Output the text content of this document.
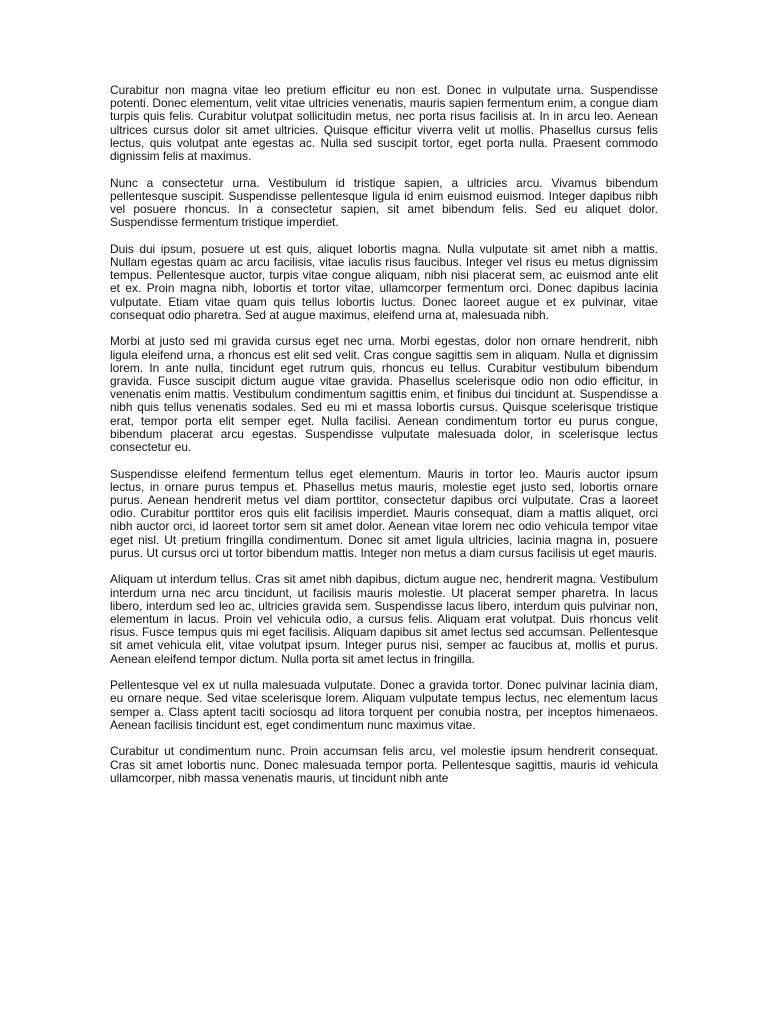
Curabitur non magna vitae leo pretium efficitur eu non est. Donec in vulputate urna. Suspendisse potenti. Donec elementum, velit vitae ultricies venenatis, mauris sapien fermentum enim, a congue diam turpis quis felis. Curabitur volutpat sollicitudin metus, nec porta risus facilisis at. In in arcu leo. Aenean ultrices cursus dolor sit amet ultricies. Quisque efficitur viverra velit ut mollis. Phasellus cursus felis lectus, quis volutpat ante egestas ac. Nulla sed suscipit tortor, eget porta nulla. Praesent commodo dignissim felis at maximus.

Nunc a consectetur urna. Vestibulum id tristique sapien, a ultricies arcu. Vivamus bibendum pellentesque suscipit. Suspendisse pellentesque ligula id enim euismod euismod. Integer dapibus nibh vel posuere rhoncus. In a consectetur sapien, sit amet bibendum felis. Sed eu aliquet dolor. Suspendisse fermentum tristique imperdiet.

Duis dui ipsum, posuere ut est quis, aliquet lobortis magna. Nulla vulputate sit amet nibh a mattis. Nullam egestas quam ac arcu facilisis, vitae iaculis risus faucibus. Integer vel risus eu metus dignissim tempus. Pellentesque auctor, turpis vitae congue aliquam, nibh nisi placerat sem, ac euismod ante elit et ex. Proin magna nibh, lobortis et tortor vitae, ullamcorper fermentum orci. Donec dapibus lacinia vulputate. Etiam vitae quam quis tellus lobortis luctus. Donec laoreet augue et ex pulvinar, vitae consequat odio pharetra. Sed at augue maximus, eleifend urna at, malesuada nibh.

Morbi at justo sed mi gravida cursus eget nec urna. Morbi egestas, dolor non ornare hendrerit, nibh ligula eleifend urna, a rhoncus est elit sed velit. Cras congue sagittis sem in aliquam. Nulla et dignissim lorem. In ante nulla, tincidunt eget rutrum quis, rhoncus eu tellus. Curabitur vestibulum bibendum gravida. Fusce suscipit dictum augue vitae gravida. Phasellus scelerisque odio non odio efficitur, in venenatis enim mattis. Vestibulum condimentum sagittis enim, et finibus dui tincidunt at. Suspendisse a nibh quis tellus venenatis sodales. Sed eu mi et massa lobortis cursus. Quisque scelerisque tristique erat, tempor porta elit semper eget. Nulla facilisi. Aenean condimentum tortor eu purus congue, bibendum placerat arcu egestas. Suspendisse vulputate malesuada dolor, in scelerisque lectus consectetur eu.

Suspendisse eleifend fermentum tellus eget elementum. Mauris in tortor leo. Mauris auctor ipsum lectus, in ornare purus tempus et. Phasellus metus mauris, molestie eget justo sed, lobortis ornare purus. Aenean hendrerit metus vel diam porttitor, consectetur dapibus orci vulputate. Cras a laoreet odio. Curabitur porttitor eros quis elit facilisis imperdiet. Mauris consequat, diam a mattis aliquet, orci nibh auctor orci, id laoreet tortor sem sit amet dolor. Aenean vitae lorem nec odio vehicula tempor vitae eget nisl. Ut pretium fringilla condimentum. Donec sit amet ligula ultricies, lacinia magna in, posuere purus. Ut cursus orci ut tortor bibendum mattis. Integer non metus a diam cursus facilisis ut eget mauris.

Aliquam ut interdum tellus. Cras sit amet nibh dapibus, dictum augue nec, hendrerit magna. Vestibulum interdum urna nec arcu tincidunt, ut facilisis mauris molestie. Ut placerat semper pharetra. In lacus libero, interdum sed leo ac, ultricies gravida sem. Suspendisse lacus libero, interdum quis pulvinar non, elementum in lacus. Proin vel vehicula odio, a cursus felis. Aliquam erat volutpat. Duis rhoncus velit risus. Fusce tempus quis mi eget facilisis. Aliquam dapibus sit amet lectus sed accumsan. Pellentesque sit amet vehicula elit, vitae volutpat ipsum. Integer purus nisi, semper ac faucibus at, mollis et purus. Aenean eleifend tempor dictum. Nulla porta sit amet lectus in fringilla.

Pellentesque vel ex ut nulla malesuada vulputate. Donec a gravida tortor. Donec pulvinar lacinia diam, eu ornare neque. Sed vitae scelerisque lorem. Aliquam vulputate tempus lectus, nec elementum lacus semper a. Class aptent taciti sociosqu ad litora torquent per conubia nostra, per inceptos himenaeos. Aenean facilisis tincidunt est, eget condimentum nunc maximus vitae.

Curabitur ut condimentum nunc. Proin accumsan felis arcu, vel molestie ipsum hendrerit consequat. Cras sit amet lobortis nunc. Donec malesuada tempor porta. Pellentesque sagittis, mauris id vehicula ullamcorper, nibh massa venenatis mauris, ut tincidunt nibh ante
